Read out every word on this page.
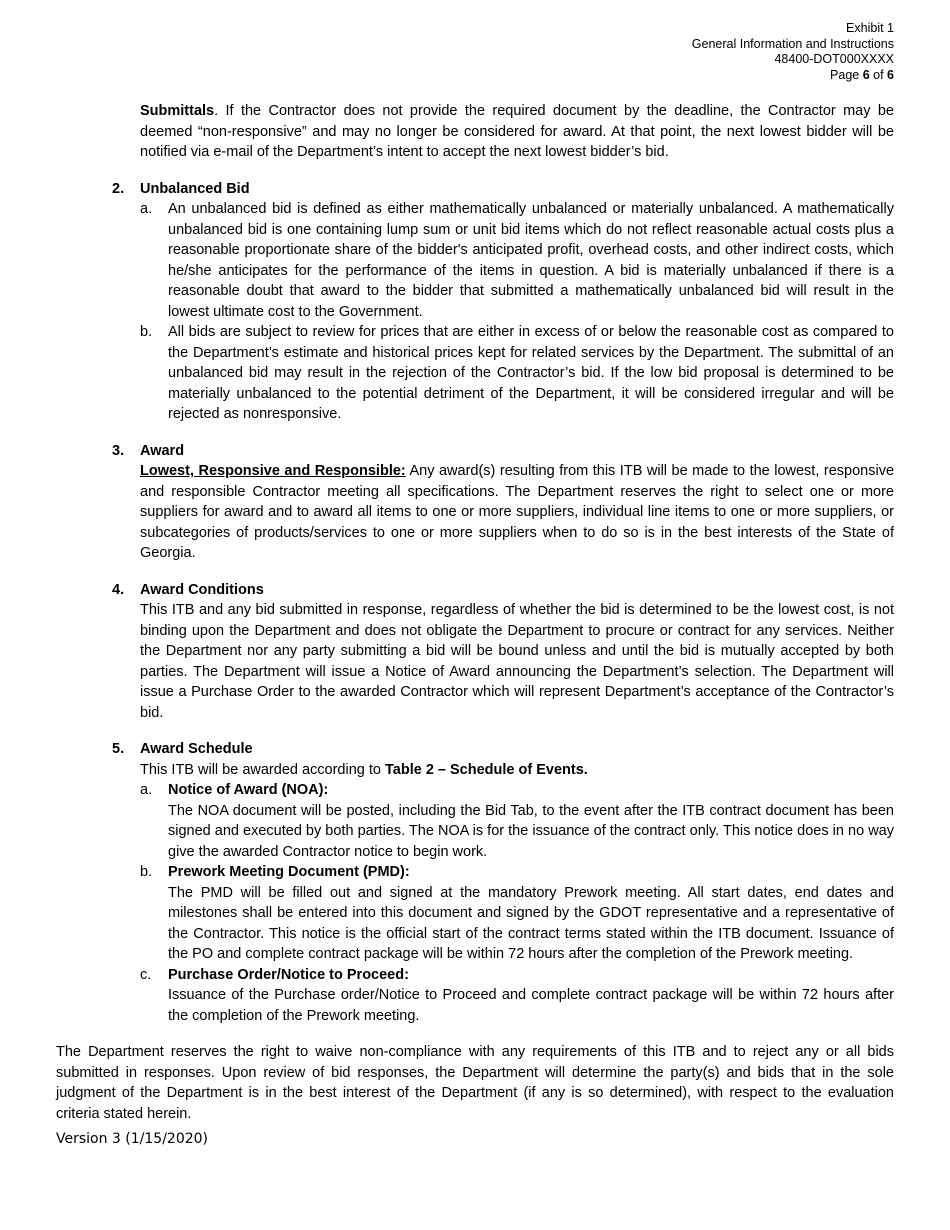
Exhibit 1
General Information and Instructions
48400-DOT000XXXX
Page 6 of 6

Submittals. If the Contractor does not provide the required document by the deadline, the Contractor may be deemed “non-responsive” and may no longer be considered for award. At that point, the next lowest bidder will be notified via e-mail of the Department’s intent to accept the next lowest bidder’s bid.

2. Unbalanced Bid
a. An unbalanced bid is defined as either mathematically unbalanced or materially unbalanced. A mathematically unbalanced bid is one containing lump sum or unit bid items which do not reflect reasonable actual costs plus a reasonable proportionate share of the bidder's anticipated profit, overhead costs, and other indirect costs, which he/she anticipates for the performance of the items in question. A bid is materially unbalanced if there is a reasonable doubt that award to the bidder that submitted a mathematically unbalanced bid will result in the lowest ultimate cost to the Government.
b. All bids are subject to review for prices that are either in excess of or below the reasonable cost as compared to the Department’s estimate and historical prices kept for related services by the Department. The submittal of an unbalanced bid may result in the rejection of the Contractor’s bid. If the low bid proposal is determined to be materially unbalanced to the potential detriment of the Department, it will be considered irregular and will be rejected as nonresponsive.
3. Award

Lowest, Responsive and Responsible: Any award(s) resulting from this ITB will be made to the lowest, responsive and responsible Contractor meeting all specifications. The Department reserves the right to select one or more suppliers for award and to award all items to one or more suppliers, individual line items to one or more suppliers, or subcategories of products/services to one or more suppliers when to do so is in the best interests of the State of Georgia.

4. Award Conditions

This ITB and any bid submitted in response, regardless of whether the bid is determined to be the lowest cost, is not binding upon the Department and does not obligate the Department to procure or contract for any services. Neither the Department nor any party submitting a bid will be bound unless and until the bid is mutually accepted by both parties. The Department will issue a Notice of Award announcing the Department’s selection. The Department will issue a Purchase Order to the awarded Contractor which will represent Department’s acceptance of the Contractor’s bid.

5. Award Schedule

This ITB will be awarded according to Table 2 – Schedule of Events.

a. Notice of Award (NOA):
The NOA document will be posted, including the Bid Tab, to the event after the ITB contract document has been signed and executed by both parties. The NOA is for the issuance of the contract only. This notice does in no way give the awarded Contractor notice to begin work.
b. Prework Meeting Document (PMD):
The PMD will be filled out and signed at the mandatory Prework meeting. All start dates, end dates and milestones shall be entered into this document and signed by the GDOT representative and a representative of the Contractor. This notice is the official start of the contract terms stated within the ITB document. Issuance of the PO and complete contract package will be within 72 hours after the completion of the Prework meeting.
c. Purchase Order/Notice to Proceed:
Issuance of the Purchase order/Notice to Proceed and complete contract package will be within 72 hours after the completion of the Prework meeting.

The Department reserves the right to waive non-compliance with any requirements of this ITB and to reject any or all bids submitted in responses. Upon review of bid responses, the Department will determine the party(s) and bids that in the sole judgment of the Department is in the best interest of the Department (if any is so determined), with respect to the evaluation criteria stated herein.

Version 3 (1/15/2020)
